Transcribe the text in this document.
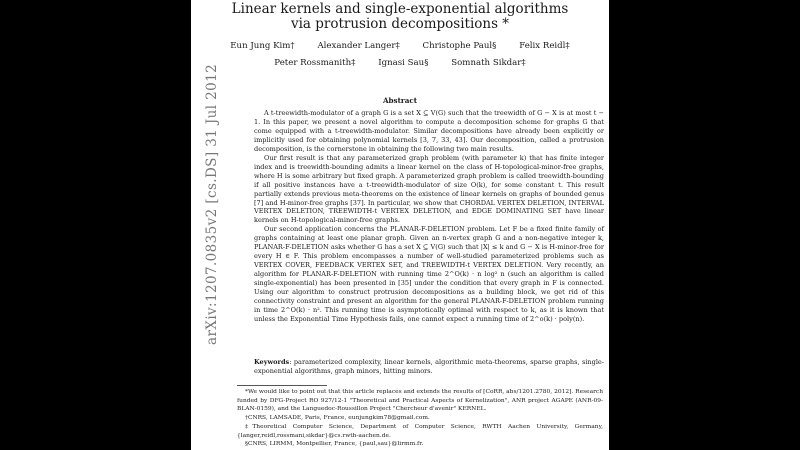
Linear kernels and single-exponential algorithms
via protrusion decompositions *
Eun Jung Kim†	Alexander Langer‡	Christophe Paul§	Felix Reidl‡
Peter Rossmanith‡	Ignasi Sau§	Somnath Sikdar‡
Abstract

A t-treewidth-modulator of a graph G is a set X ⊆ V(G) such that the treewidth of G − X is at most t − 1. In this paper, we present a novel algorithm to compute a decomposition scheme for graphs G that come equipped with a t-treewidth-modulator. Similar decompositions have already been explicitly or implicitly used for obtaining polynomial kernels [3, 7, 33, 43]. Our decomposition, called a protrusion decomposition, is the cornerstone in obtaining the following two main results.

Our first result is that any parameterized graph problem (with parameter k) that has finite integer index and is treewidth-bounding admits a linear kernel on the class of H-topological-minor-free graphs, where H is some arbitrary but fixed graph. A parameterized graph problem is called treewidth-bounding if all positive instances have a t-treewidth-modulator of size O(k), for some constant t. This result partially extends previous meta-theorems on the existence of linear kernels on graphs of bounded genus [7] and H-minor-free graphs [37]. In particular, we show that CHORDAL VERTEX DELETION, INTERVAL VERTEX DELETION, TREEWIDTH-t VERTEX DELETION, and EDGE DOMINATING SET have linear kernels on H-topological-minor-free graphs.

Our second application concerns the PLANAR-F-DELETION problem. Let F be a fixed finite family of graphs containing at least one planar graph. Given an n-vertex graph G and a non-negative integer k, PLANAR-F-DELETION asks whether G has a set X ⊆ V(G) such that |X| ≤ k and G − X is H-minor-free for every H ∈ F. This problem encompasses a number of well-studied parameterized problems such as VERTEX COVER, FEEDBACK VERTEX SET, and TREEWIDTH-t VERTEX DELETION. Very recently, an algorithm for PLANAR-F-DELETION with running time 2^O(k) · n log² n (such an algorithm is called single-exponential) has been presented in [35] under the condition that every graph in F is connected. Using our algorithm to construct protrusion decompositions as a building block, we get rid of this connectivity constraint and present an algorithm for the general PLANAR-F-DELETION problem running in time 2^O(k) · n². This running time is asymptotically optimal with respect to k, as it is known that unless the Exponential Time Hypothesis fails, one cannot expect a running time of 2^o(k) · poly(n).

Keywords: parameterized complexity, linear kernels, algorithmic meta-theorems, sparse graphs, single-exponential algorithms, graph minors, hitting minors.

*We would like to point out that this article replaces and extends the results of [CoRR, abs/1201.2780, 2012]. Research funded by DFG-Project RO 927/12-1 "Theoretical and Practical Aspects of Kernelization", ANR project AGAPE (ANR-09-BLAN-0159), and the Languedoc-Roussillon Project "Chercheur d'avenir" KERNEL.

†CNRS, LAMSADE, Paris, France, eunjungkim78@gmail.com.

‡Theoretical Computer Science, Department of Computer Science, RWTH Aachen University, Germany, {langer,reidl,rossmani,sikdar}@cs.rwth-aachen.de.

§CNRS, LIRMM, Montpellier, France, {paul,sau}@lirmm.fr.

arXiv:1207.0835v2 [cs.DS] 31 Jul 2012
